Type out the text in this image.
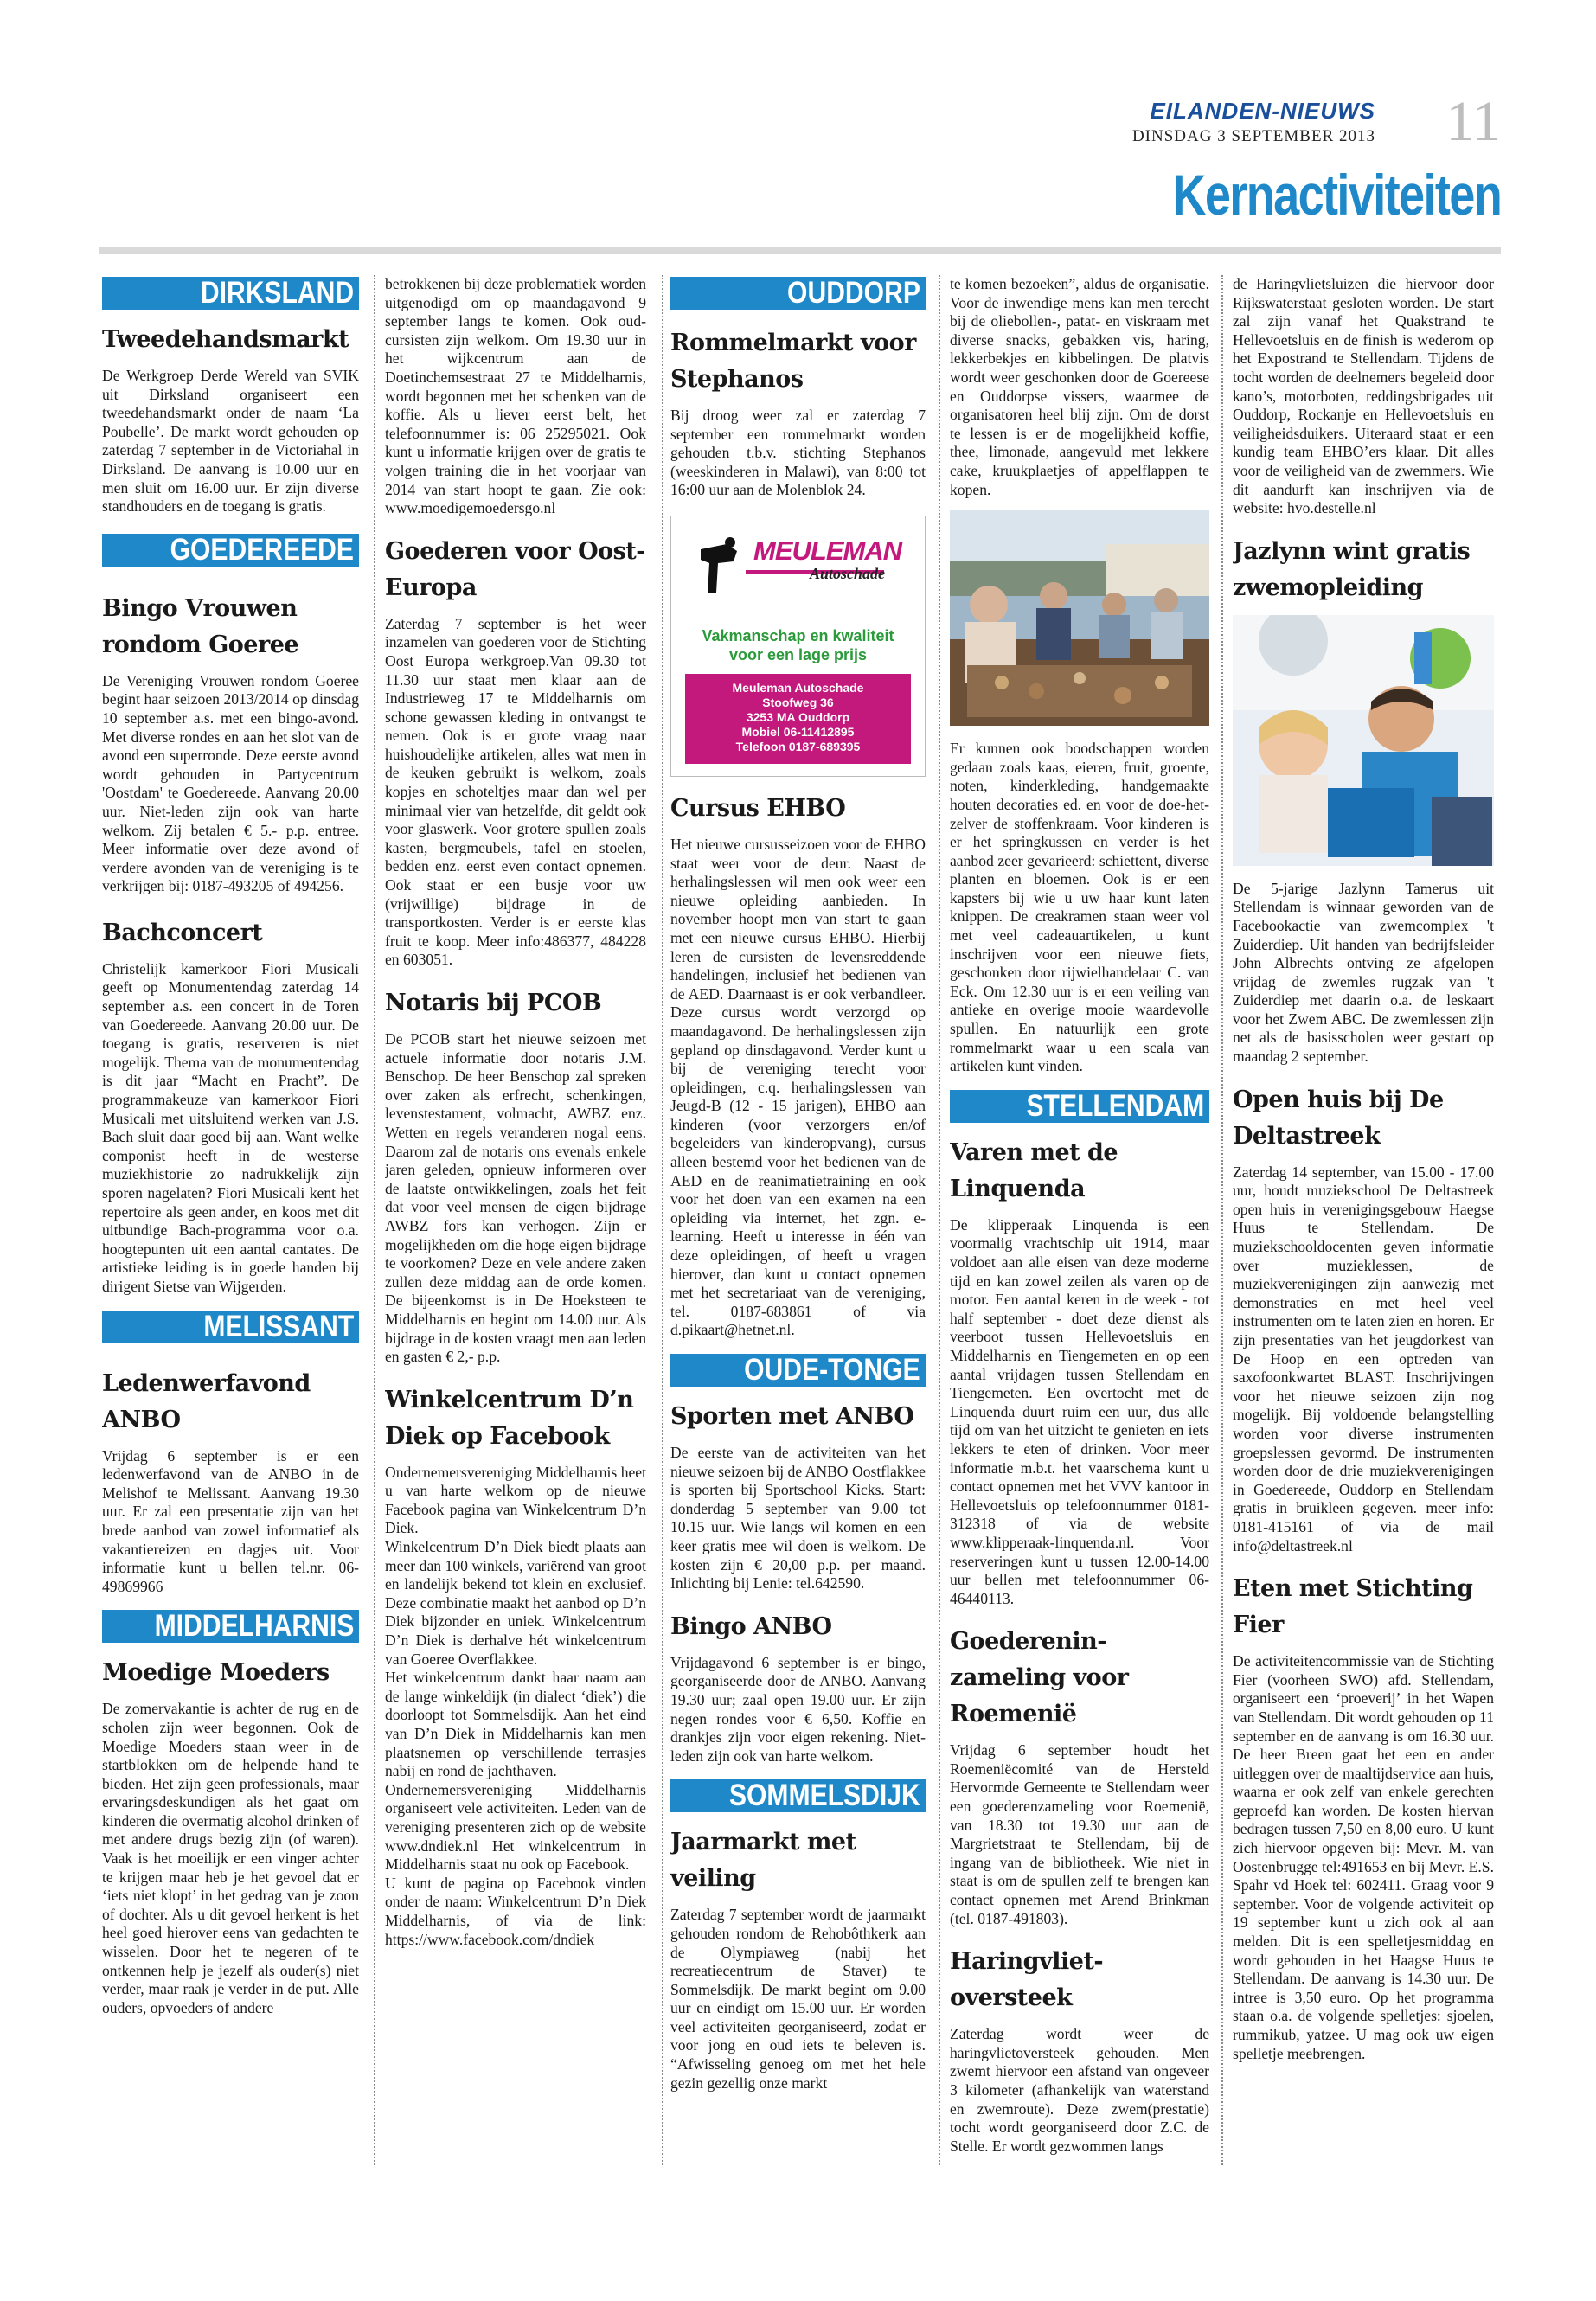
EILANDEN-NIEUWS
DINSDAG 3 SEPTEMBER 2013 11
Kernactiviteiten
DIRKSLAND
Tweedehandsmarkt

De Werkgroep Derde Wereld van SVIK uit Dirksland organiseert een tweedehandsmarkt onder de naam ‘La Poubelle’. De markt wordt gehouden op zaterdag 7 september in de Victoriahal in Dirksland. De aanvang is 10.00 uur en men sluit om 16.00 uur. Er zijn diverse standhouders en de toegang is gratis.

GOEDEREEDE
Bingo Vrouwen rondom Goeree

De Vereniging Vrouwen rondom Goeree begint haar seizoen 2013/2014 op dinsdag 10 september a.s. met een bingo-avond. Met diverse rondes en aan het slot van de avond een superronde. Deze eerste avond wordt gehouden in Partycentrum 'Oostdam' te Goedereede. Aanvang 20.00 uur. Niet-leden zijn ook van harte welkom. Zij betalen € 5.- p.p. entree. Meer informatie over deze avond of verdere avonden van de vereniging is te verkrijgen bij: 0187-493205 of 494256.

Bachconcert

Christelijk kamerkoor Fiori Musicali geeft op Monumentendag zaterdag 14 september a.s. een concert in de Toren van Goedereede. Aanvang 20.00 uur. De toegang is gratis, reserveren is niet mogelijk. Thema van de monumentendag is dit jaar “Macht en Pracht”. De programmakeuze van kamerkoor Fiori Musicali met uitsluitend werken van J.S. Bach sluit daar goed bij aan. Want welke componist heeft in de westerse muziekhistorie zo nadrukkelijk zijn sporen nagelaten? Fiori Musicali kent het repertoire als geen ander, en koos met dit uitbundige Bach-programma voor o.a. hoogtepunten uit een aantal cantates. De artistieke leiding is in goede handen bij dirigent Sietse van Wijgerden.

MELISSANT
Ledenwerfavond ANBO

Vrijdag 6 september is er een ledenwerfavond van de ANBO in de Melishof te Melissant. Aanvang 19.30 uur. Er zal een presentatie zijn van het brede aanbod van zowel informatief als vakantiereizen en dagjes uit. Voor informatie kunt u bellen tel.nr. 06-49869966

MIDDELHARNIS
Moedige Moeders

De zomervakantie is achter de rug en de scholen zijn weer begonnen. Ook de Moedige Moeders staan weer in de startblokken om de helpende hand te bieden. Het zijn geen professionals, maar ervaringsdeskundigen als het gaat om kinderen die overmatig alcohol drinken of met andere drugs bezig zijn (of waren). Vaak is het moeilijk er een vinger achter te krijgen maar heb je het gevoel dat er ‘iets niet klopt’ in het gedrag van je zoon of dochter. Als u dit gevoel herkent is het heel goed hierover eens van gedachten te wisselen. Door het te negeren of te ontkennen help je jezelf als ouder(s) niet verder, maar raak je verder in de put. Alle ouders, opvoeders of andere

betrokkenen bij deze problematiek worden uitgenodigd om op maandagavond 9 september langs te komen. Ook oud-cursisten zijn welkom. Om 19.30 uur in het wijkcentrum aan de Doetinchemsestraat 27 te Middelharnis, wordt begonnen met het schenken van de koffie. Als u liever eerst belt, het telefoonnummer is: 06 25295021. Ook kunt u informatie krijgen over de gratis te volgen training die in het voorjaar van 2014 van start hoopt te gaan. Zie ook: www.moedigemoedersgo.nl

Goederen voor Oost-Europa

Zaterdag 7 september is het weer inzamelen van goederen voor de Stichting Oost Europa werkgroep.Van 09.30 tot 11.30 uur staat men klaar aan de Industrieweg 17 te Middelharnis om schone gewassen kleding in ontvangst te nemen. Ook is er grote vraag naar huishoudelijke artikelen, alles wat men in de keuken gebruikt is welkom, zoals kopjes en schoteltjes maar dan wel per minimaal vier van hetzelfde, dit geldt ook voor glaswerk. Voor grotere spullen zoals kasten, bergmeubels, tafel en stoelen, bedden enz. eerst even contact opnemen. Ook staat er een busje voor uw (vrijwillige) bijdrage in de transportkosten. Verder is er eerste klas fruit te koop. Meer info:486377, 484228 en 603051.

Notaris bij PCOB

De PCOB start het nieuwe seizoen met actuele informatie door notaris J.M. Benschop. De heer Benschop zal spreken over zaken als erfrecht, schenkingen, levenstestament, volmacht, AWBZ enz. Wetten en regels veranderen nogal eens. Daarom zal de notaris ons evenals enkele jaren geleden, opnieuw informeren over de laatste ontwikkelingen, zoals het feit dat voor veel mensen de eigen bijdrage AWBZ fors kan verhogen. Zijn er mogelijkheden om die hoge eigen bijdrage te voorkomen? Deze en vele andere zaken zullen deze middag aan de orde komen. De bijeenkomst is in De Hoeksteen te Middelharnis en begint om 14.00 uur. Als bijdrage in de kosten vraagt men aan leden en gasten € 2,- p.p.

Winkelcentrum D’n Diek op Facebook

Ondernemersvereniging Middelharnis heet u van harte welkom op de nieuwe Facebook pagina van Winkelcentrum D’n Diek.

Winkelcentrum D’n Diek biedt plaats aan meer dan 100 winkels, variërend van groot en landelijk bekend tot klein en exclusief. Deze combinatie maakt het aanbod op D’n Diek bijzonder en uniek. Winkelcentrum D’n Diek is derhalve hét winkelcentrum van Goeree Overflakkee.

Het winkelcentrum dankt haar naam aan de lange winkeldijk (in dialect ‘diek’) die doorloopt tot Sommelsdijk. Aan het eind van D’n Diek in Middelharnis kan men plaatsnemen op verschillende terrasjes nabij en rond de jachthaven.

Ondernemersvereniging Middelharnis organiseert vele activiteiten. Leden van de vereniging presenteren zich op de website www.dndiek.nl Het winkelcentrum in Middelharnis staat nu ook op Facebook.

U kunt de pagina op Facebook vinden onder de naam: Winkelcentrum D’n Diek Middelharnis, of via de link: https://www.facebook.com/dndiek

OUDDORP
Rommelmarkt voor Stephanos

Bij droog weer zal er zaterdag 7 september een rommelmarkt worden gehouden t.b.v. stichting Stephanos (weeskinderen in Malawi), van 8:00 tot 16:00 uur aan de Molenblok 24.

MEULEMAN
Autoschade
Vakmanschap en kwaliteit
voor een lage prijs
Meuleman Autoschade
Stoofweg 36
3253 MA Ouddorp
Mobiel 06-11412895
Telefoon 0187-689395
Cursus EHBO

Het nieuwe cursusseizoen voor de EHBO staat weer voor de deur. Naast de herhalingslessen wil men ook weer een nieuwe opleiding aanbieden. In november hoopt men van start te gaan met een nieuwe cursus EHBO. Hierbij leren de cursisten de levensreddende handelingen, inclusief het bedienen van de AED. Daarnaast is er ook verbandleer. Deze cursus wordt verzorgd op maandagavond. De herhalingslessen zijn gepland op dinsdagavond. Verder kunt u bij de vereniging terecht voor opleidingen, c.q. herhalingslessen van Jeugd-B (12 - 15 jarigen), EHBO aan kinderen (voor verzorgers en/of begeleiders van kinderopvang), cursus alleen bestemd voor het bedienen van de AED en de reanimatietraining en ook voor het doen van een examen na een opleiding via internet, het zgn. e-learning. Heeft u interesse in één van deze opleidingen, of heeft u vragen hierover, dan kunt u contact opnemen met het secretariaat van de vereniging, tel. 0187-683861 of via d.pikaart@hetnet.nl.

OUDE-TONGE
Sporten met ANBO

De eerste van de activiteiten van het nieuwe seizoen bij de ANBO Oostflakkee is sporten bij Sportschool Kicks. Start: donderdag 5 september van 9.00 tot 10.15 uur. Wie langs wil komen en een keer gratis mee wil doen is welkom. De kosten zijn € 20,00 p.p. per maand. Inlichting bij Lenie: tel.642590.

Bingo ANBO

Vrijdagavond 6 september is er bingo, georganiseerde door de ANBO. Aanvang 19.30 uur; zaal open 19.00 uur. Er zijn negen rondes voor € 6,50. Koffie en drankjes zijn voor eigen rekening. Niet-leden zijn ook van harte welkom.

SOMMELSDIJK
Jaarmarkt met veiling

Zaterdag 7 september wordt de jaarmarkt gehouden rondom de Rehobôthkerk aan de Olympiaweg (nabij het recreatiecentrum de Staver) te Sommelsdijk. De markt begint om 9.00 uur en eindigt om 15.00 uur. Er worden veel activiteiten georganiseerd, zodat er voor jong en oud iets te beleven is. “Afwisseling genoeg om met het hele gezin gezellig onze markt

te komen bezoeken”, aldus de organisatie. Voor de inwendige mens kan men terecht bij de oliebollen-, patat- en viskraam met diverse snacks, gebakken vis, haring, lekkerbekjes en kibbelingen. De platvis wordt weer geschonken door de Goereese en Ouddorpse vissers, waarmee de organisatoren heel blij zijn. Om de dorst te lessen is er de mogelijkheid koffie, thee, limonade, aangevuld met lekkere cake, kruukplaetjes of appelflappen te kopen.

Er kunnen ook boodschappen worden gedaan zoals kaas, eieren, fruit, groente, noten, kinderkleding, handgemaakte houten decoraties ed. en voor de doe-het-zelver de stoffenkraam. Voor kinderen is er het springkussen en verder is het aanbod zeer gevarieerd: schiettent, diverse planten en bloemen. Ook is er een kapsters bij wie u uw haar kunt laten knippen. De creakramen staan weer vol met veel cadeauartikelen, u kunt inschrijven voor een nieuwe fiets, geschonken door rijwielhandelaar C. van Eck. Om 12.30 uur is er een veiling van antieke en overige mooie waardevolle spullen. En natuurlijk een grote rommelmarkt waar u een scala van artikelen kunt vinden.

STELLENDAM
Varen met de Linquenda

De klipperaak Linquenda is een voormalig vrachtschip uit 1914, maar voldoet aan alle eisen van deze moderne tijd en kan zowel zeilen als varen op de motor. Een aantal keren in de week - tot half september - doet deze dienst als veerboot tussen Hellevoetsluis en Middelharnis en Tiengemeten en op een aantal vrijdagen tussen Stellendam en Tiengemeten. Een overtocht met de Linquenda duurt ruim een uur, dus alle tijd om van het uitzicht te genieten en iets lekkers te eten of drinken. Voor meer informatie m.b.t. het vaarschema kunt u contact opnemen met het VVV kantoor in Hellevoetsluis op telefoonnummer 0181-312318 of via de website www.klipperaak-linquenda.nl. Voor reserveringen kunt u tussen 12.00-14.00 uur bellen met telefoonnummer 06-46440113.

Goedereninzameling voor Roemenië

Vrijdag 6 september houdt het Roemeniëcomité van de Hersteld Hervormde Gemeente te Stellendam weer een goederenzameling voor Roemenië, van 18.30 tot 19.30 uur aan de Margrietstraat te Stellendam, bij de ingang van de bibliotheek. Wie niet in staat is om de spullen zelf te brengen kan contact opnemen met Arend Brinkman (tel. 0187-491803).

Haringvlietoversteek

Zaterdag wordt weer de haringvlietoversteek gehouden. Men zwemt hiervoor een afstand van ongeveer 3 kilometer (afhankelijk van waterstand en zwemroute). Deze zwem(prestatie) tocht wordt georganiseerd door Z.C. de Stelle. Er wordt gezwommen langs

de Haringvlietsluizen die hiervoor door Rijkswaterstaat gesloten worden. De start zal zijn vanaf het Quakstrand te Hellevoetsluis en de finish is wederom op het Expostrand te Stellendam. Tijdens de tocht worden de deelnemers begeleid door kano’s, motorboten, reddingsbrigades uit Ouddorp, Rockanje en Hellevoetsluis en veiligheidsduikers. Uiteraard staat er een kundig team EHBO’ers klaar. Dit alles voor de veiligheid van de zwemmers. Wie dit aandurft kan inschrijven via de website: hvo.destelle.nl

Jazlynn wint gratis zwemopleiding

De 5-jarige Jazlynn Tamerus uit Stellendam is winnaar geworden van de Facebookactie van zwemcomplex 't Zuiderdiep. Uit handen van bedrijfsleider John Albrechts ontving ze afgelopen vrijdag de zwemles rugzak van 't Zuiderdiep met daarin o.a. de leskaart voor het Zwem ABC. De zwemlessen zijn net als de basisscholen weer gestart op maandag 2 september.

Open huis bij De Deltastreek

Zaterdag 14 september, van 15.00 - 17.00 uur, houdt muziekschool De Deltastreek open huis in verenigingsgebouw Haegse Huus te Stellendam. De muziekschooldocenten geven informatie over muzieklessen, de muziekverenigingen zijn aanwezig met demonstraties en met heel veel instrumenten om te laten zien en horen. Er zijn presentaties van het jeugdorkest van De Hoop en een optreden van saxofoonkwartet BLAST. Inschrijvingen voor het nieuwe seizoen zijn nog mogelijk. Bij voldoende belangstelling worden voor diverse instrumenten groepslessen gevormd. De instrumenten worden door de drie muziekverenigingen in Goedereede, Ouddorp en Stellendam gratis in bruikleen gegeven. meer info: 0181-415161 of via de mail info@deltastreek.nl

Eten met Stichting Fier

De activiteitencommissie van de Stichting Fier (voorheen SWO) afd. Stellendam, organiseert een ‘proeverij’ in het Wapen van Stellendam. Dit wordt gehouden op 11 september en de aanvang is om 16.30 uur. De heer Breen gaat het een en ander uitleggen over de maaltijdservice aan huis, waarna er ook zelf van enkele gerechten geproefd kan worden. De kosten hiervan bedragen tussen 7,50 en 8,00 euro. U kunt zich hiervoor opgeven bij: Mevr. M. van Oostenbrugge tel:491653 en bij Mevr. E.S. Spahr vd Hoek tel: 602411. Graag voor 9 september. Voor de volgende activiteit op 19 september kunt u zich ook al aan melden. Dit is een spelletjesmiddag en wordt gehouden in het Haagse Huus te Stellendam. De aanvang is 14.30 uur. De intree is 3,50 euro. Op het programma staan o.a. de volgende spelletjes: sjoelen, rummikub, yatzee. U mag ook uw eigen spelletje meebrengen.
